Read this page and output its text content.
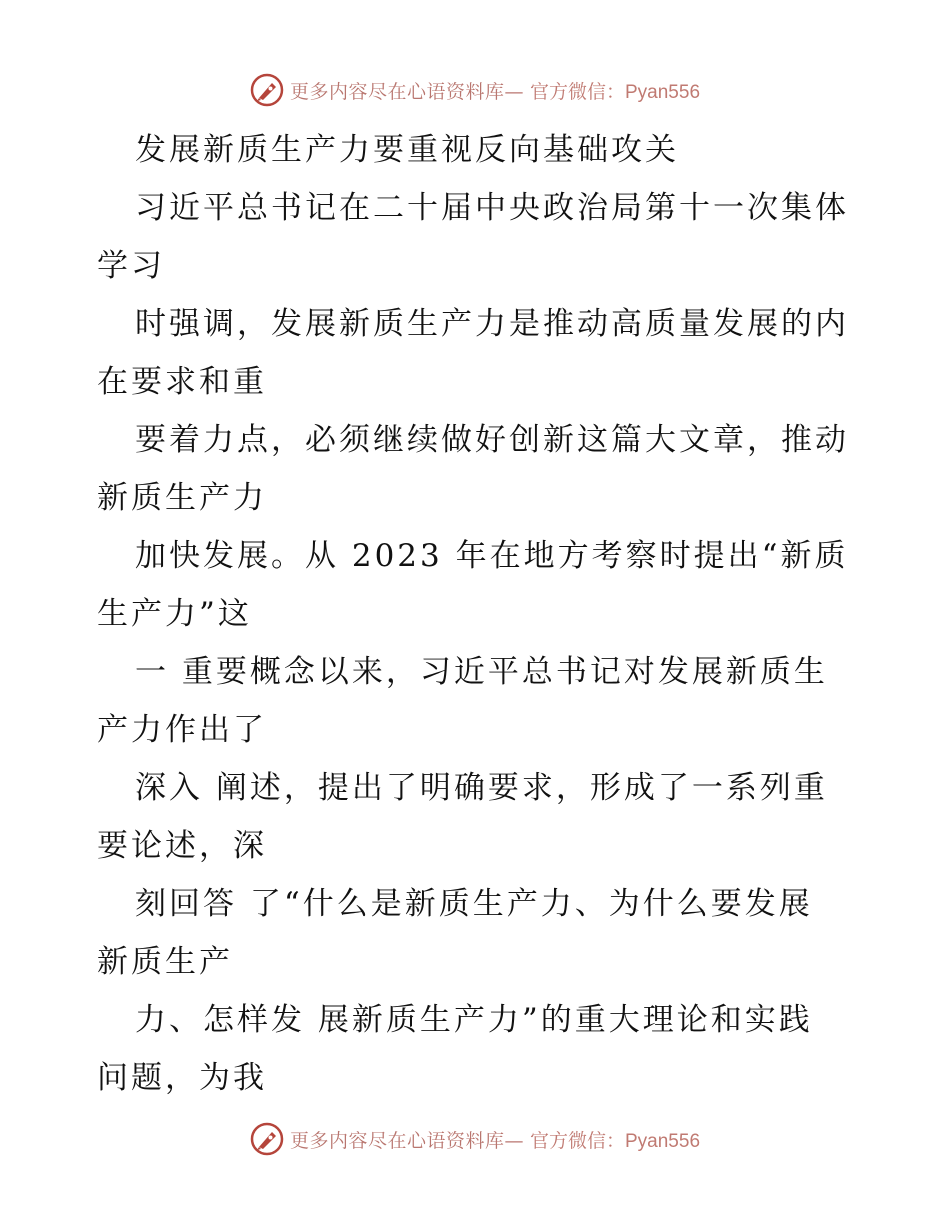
更多内容尽在心语资料库— 官方微信：Pyan556
发展新质生产力要重视反向基础攻关
习近平总书记在二十届中央政治局第十一次集体
学习
时强调，发展新质生产力是推动高质量发展的内
在要求和重
要着力点，必须继续做好创新这篇大文章，推动
新质生产力
加快发展。从 2023 年在地方考察时提出“新质
生产力”这
一 重要概念以来，习近平总书记对发展新质生
产力作出了
深入 阐述，提出了明确要求，形成了一系列重
要论述，深
刻回答 了“什么是新质生产力、为什么要发展
新质生产
力、怎样发 展新质生产力”的重大理论和实践
问题，为我
更多内容尽在心语资料库— 官方微信：Pyan556
